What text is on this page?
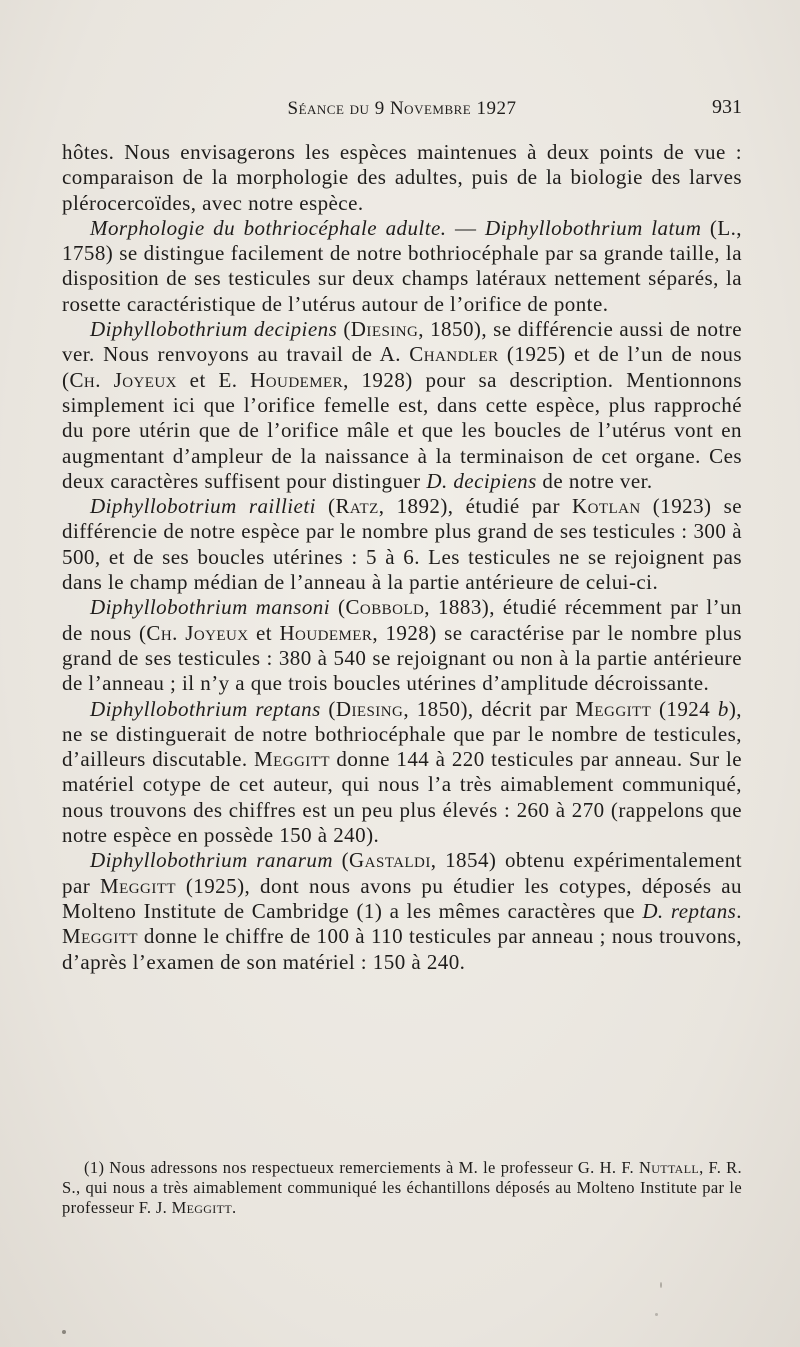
Séance du 9 Novembre 1927	931

hôtes. Nous envisagerons les espèces maintenues à deux points de vue : comparaison de la morphologie des adultes, puis de la biologie des larves plérocercoïdes, avec notre espèce.

Morphologie du bothriocéphale adulte. — Diphyllobothrium latum (L., 1758) se distingue facilement de notre bothriocéphale par sa grande taille, la disposition de ses testicules sur deux champs latéraux nettement séparés, la rosette caractéristique de l’utérus autour de l’orifice de ponte.

Diphyllobothrium decipiens (Diesing, 1850), se différencie aussi de notre ver. Nous renvoyons au travail de A. Chandler (1925) et de l’un de nous (Ch. Joyeux et E. Houdemer, 1928) pour sa description. Mentionnons simplement ici que l’orifice femelle est, dans cette espèce, plus rapproché du pore utérin que de l’orifice mâle et que les boucles de l’utérus vont en augmentant d’ampleur de la naissance à la terminaison de cet organe. Ces deux caractères suffisent pour distinguer D. decipiens de notre ver.

Diphyllobotrium raillieti (Ratz, 1892), étudié par Kotlan (1923) se différencie de notre espèce par le nombre plus grand de ses testicules : 300 à 500, et de ses boucles utérines : 5 à 6. Les testicules ne se rejoignent pas dans le champ médian de l’anneau à la partie antérieure de celui-ci.

Diphyllobothrium mansoni (Cobbold, 1883), étudié récemment par l’un de nous (Ch. Joyeux et Houdemer, 1928) se caractérise par le nombre plus grand de ses testicules : 380 à 540 se rejoignant ou non à la partie antérieure de l’anneau ; il n’y a que trois boucles utérines d’amplitude décroissante.

Diphyllobothrium reptans (Diesing, 1850), décrit par Meggitt (1924 b), ne se distinguerait de notre bothriocéphale que par le nombre de testicules, d’ailleurs discutable. Meggitt donne 144 à 220 testicules par anneau. Sur le matériel cotype de cet auteur, qui nous l’a très aimablement communiqué, nous trouvons des chiffres est un peu plus élevés : 260 à 270 (rappelons que notre espèce en possède 150 à 240).

Diphyllobothrium ranarum (Gastaldi, 1854) obtenu expérimentalement par Meggitt (1925), dont nous avons pu étudier les cotypes, déposés au Molteno Institute de Cambridge (1) a les mêmes caractères que D. reptans. Meggitt donne le chiffre de 100 à 110 testicules par anneau ; nous trouvons, d’après l’examen de son matériel : 150 à 240.

(1) Nous adressons nos respectueux remerciements à M. le professeur G. H. F. Nuttall, F. R. S., qui nous a très aimablement communiqué les échantillons déposés au Molteno Institute par le professeur F. J. Meggitt.
